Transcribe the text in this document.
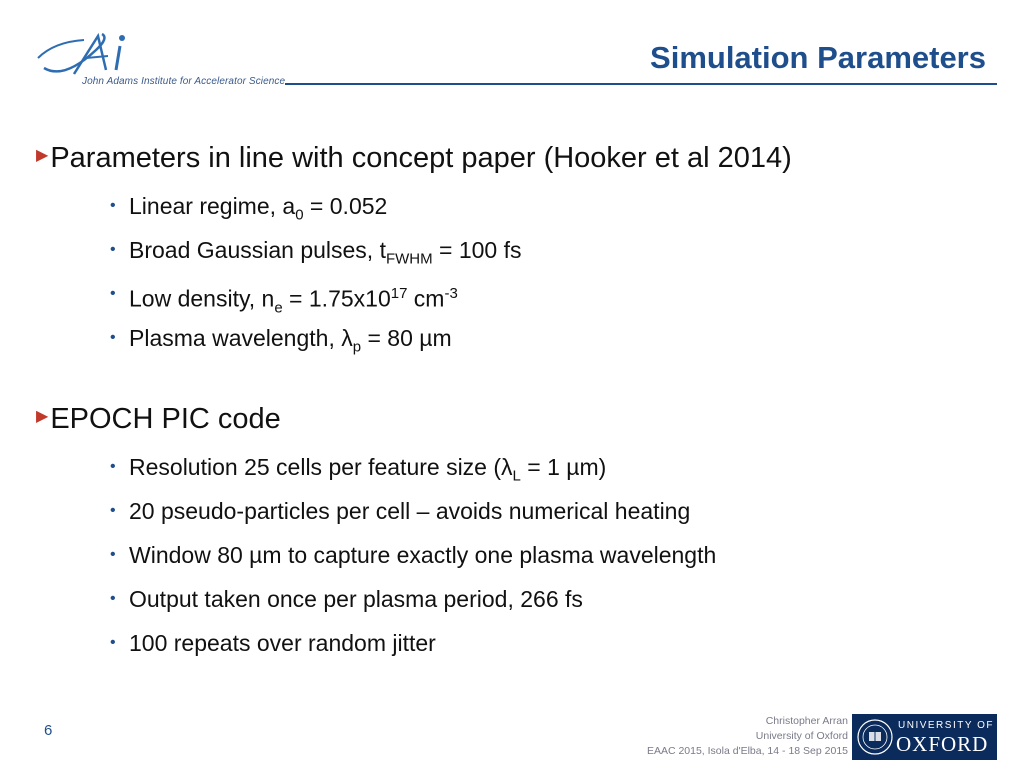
John Adams Institute for Accelerator Science
Simulation Parameters
▶Parameters in line with concept paper (Hooker et al 2014)
• Linear regime, $a_0 = 0.052$
• Broad Gaussian pulses, $t_{FWHM} = 100$ fs
• Low density, $n_e = 1.75x10^{17}$ $cm^{-3}$
• Plasma wavelength, $\lambda_p = 80$ µm
▶EPOCH PIC code
• Resolution 25 cells per feature size ($\lambda_L = 1$ µm)
• 20 pseudo-particles per cell – avoids numerical heating
• Window 80 µm to capture exactly one plasma wavelength
• Output taken once per plasma period, 266 fs
• 100 repeats over random jitter
6
Christopher Arran
University of Oxford
EAAC 2015, Isola d'Elba, 14 - 18 Sep 2015
UNIVERSITY OF
OXFORD
